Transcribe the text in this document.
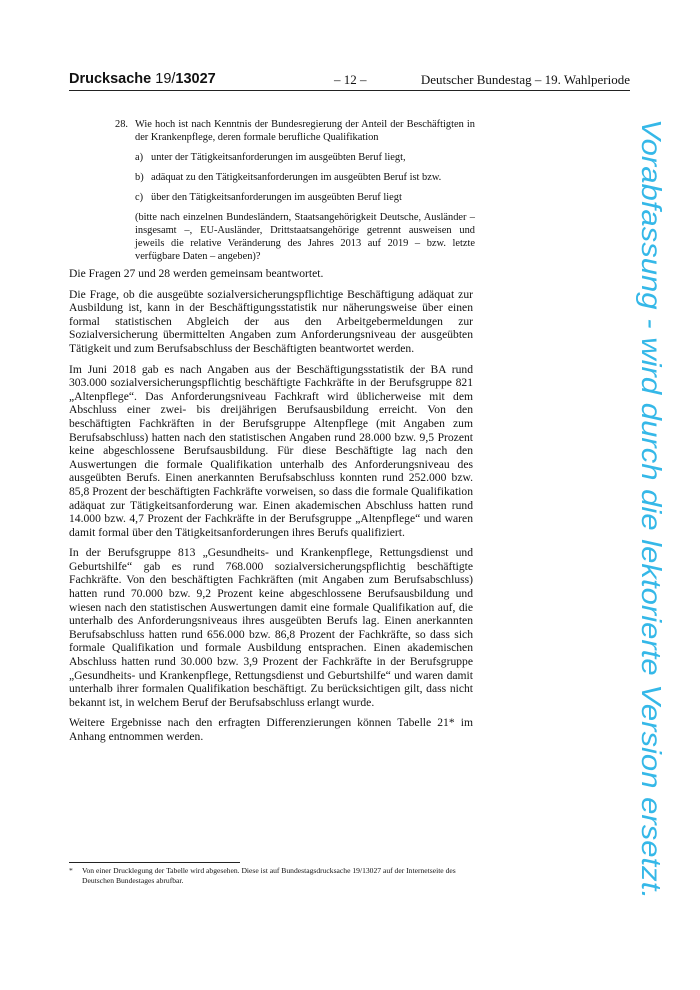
Drucksache 19/13027	– 12 –	Deutscher Bundestag – 19. Wahlperiode
28. Wie hoch ist nach Kenntnis der Bundesregierung der Anteil der Beschäftigten in der Krankenpflege, deren formale berufliche Qualifikation
a) unter der Tätigkeitsanforderungen im ausgeübten Beruf liegt,
b) adäquat zu den Tätigkeitsanforderungen im ausgeübten Beruf ist bzw.
c) über den Tätigkeitsanforderungen im ausgeübten Beruf liegt
(bitte nach einzelnen Bundesländern, Staatsangehörigkeit Deutsche, Ausländer – insgesamt –, EU-Ausländer, Drittstaatsangehörige getrennt ausweisen und jeweils die relative Veränderung des Jahres 2013 auf 2019 – bzw. letzte verfügbare Daten – angeben)?

Die Fragen 27 und 28 werden gemeinsam beantwortet.

Die Frage, ob die ausgeübte sozialversicherungspflichtige Beschäftigung adäquat zur Ausbildung ist, kann in der Beschäftigungsstatistik nur näherungsweise über einen formal statistischen Abgleich der aus den Arbeitgebermeldungen zur Sozialversicherung übermittelten Angaben zum Anforderungsniveau der ausgeübten Tätigkeit und zum Berufsabschluss der Beschäftigten beantwortet werden.

Im Juni 2018 gab es nach Angaben aus der Beschäftigungsstatistik der BA rund 303.000 sozialversicherungspflichtig beschäftigte Fachkräfte in der Berufsgruppe 821 „Altenpflege“. Das Anforderungsniveau Fachkraft wird üblicherweise mit dem Abschluss einer zwei- bis dreijährigen Berufsausbildung erreicht. Von den beschäftigten Fachkräften in der Berufsgruppe Altenpflege (mit Angaben zum Berufsabschluss) hatten nach den statistischen Angaben rund 28.000 bzw. 9,5 Prozent keine abgeschlossene Berufsausbildung. Für diese Beschäftigte lag nach den Auswertungen die formale Qualifikation unterhalb des Anforderungsniveau des ausgeübten Berufs. Einen anerkannten Berufsabschluss konnten rund 252.000 bzw. 85,8 Prozent der beschäftigten Fachkräfte vorweisen, so dass die formale Qualifikation adäquat zur Tätigkeitsanforderung war. Einen akademischen Abschluss hatten rund 14.000 bzw. 4,7 Prozent der Fachkräfte in der Berufsgruppe „Altenpflege“ und waren damit formal über den Tätigkeitsanforderungen ihres Berufs qualifiziert.

In der Berufsgruppe 813 „Gesundheits- und Krankenpflege, Rettungsdienst und Geburtshilfe“ gab es rund 768.000 sozialversicherungspflichtig beschäftigte Fachkräfte. Von den beschäftigten Fachkräften (mit Angaben zum Berufsabschluss) hatten rund 70.000 bzw. 9,2 Prozent keine abgeschlossene Berufsausbildung und wiesen nach den statistischen Auswertungen damit eine formale Qualifikation auf, die unterhalb des Anforderungsniveaus ihres ausgeübten Berufs lag. Einen anerkannten Berufsabschluss hatten rund 656.000 bzw. 86,8 Prozent der Fachkräfte, so dass sich formale Qualifikation und formale Ausbildung entsprachen. Einen akademischen Abschluss hatten rund 30.000 bzw. 3,9 Prozent der Fachkräfte in der Berufsgruppe „Gesundheits- und Krankenpflege, Rettungsdienst und Geburtshilfe“ und waren damit unterhalb ihrer formalen Qualifikation beschäftigt. Zu berücksichtigen gilt, dass nicht bekannt ist, in welchem Beruf der Berufsabschluss erlangt wurde.

Weitere Ergebnisse nach den erfragten Differenzierungen können Tabelle 21* im Anhang entnommen werden.

*	Von einer Drucklegung der Tabelle wird abgesehen. Diese ist auf Bundestagsdrucksache 19/13027 auf der Internetseite des Deutschen Bundestages abrufbar.
Vorabfassung - wird durch die lektorierte Version ersetzt.
